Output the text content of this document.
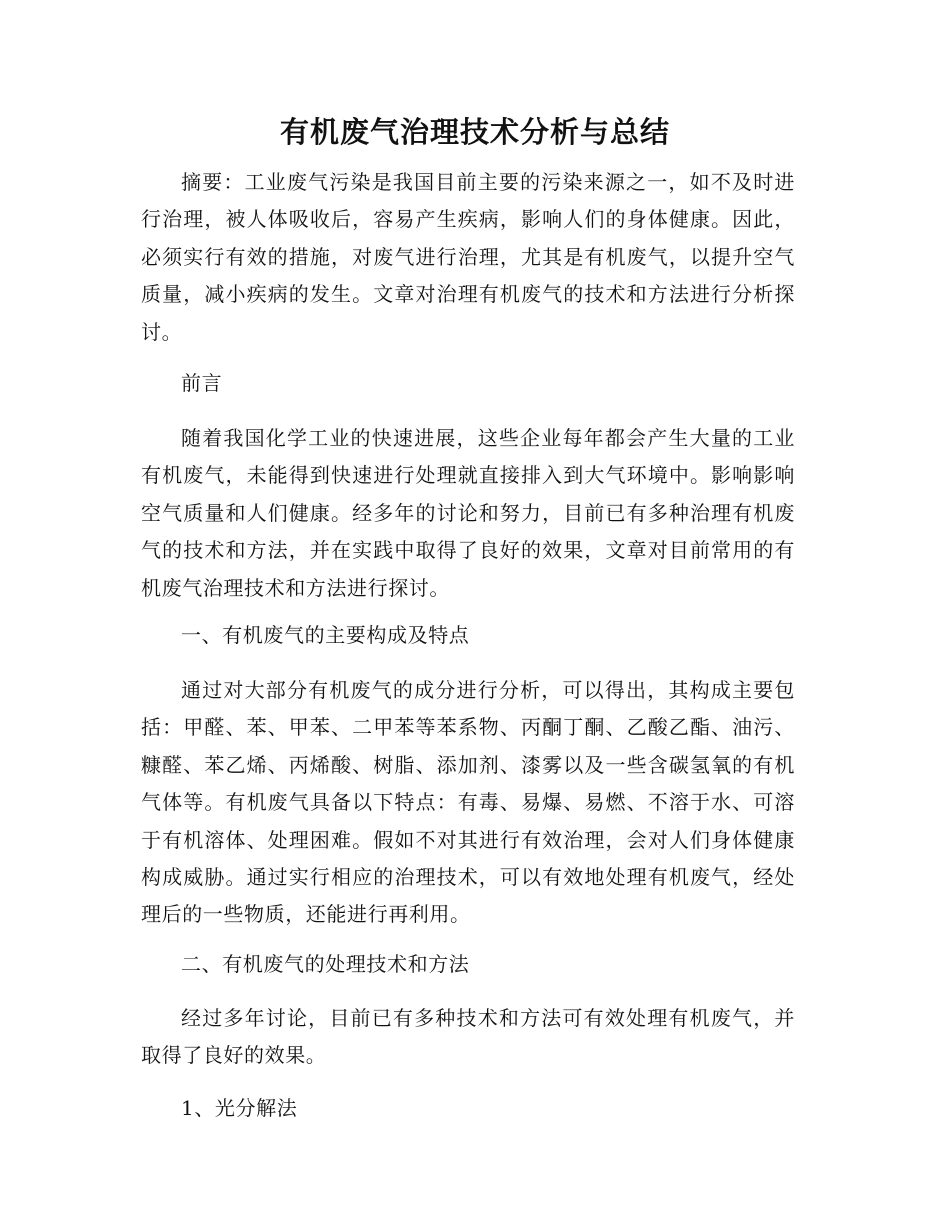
有机废气治理技术分析与总结

摘要：工业废气污染是我国目前主要的污染来源之一，如不及时进行治理，被人体吸收后，容易产生疾病，影响人们的身体健康。因此，必须实行有效的措施，对废气进行治理，尤其是有机废气，以提升空气质量，减小疾病的发生。文章对治理有机废气的技术和方法进行分析探讨。

前言

随着我国化学工业的快速进展，这些企业每年都会产生大量的工业有机废气，未能得到快速进行处理就直接排入到大气环境中。影响影响空气质量和人们健康。经多年的讨论和努力，目前已有多种治理有机废气的技术和方法，并在实践中取得了良好的效果，文章对目前常用的有机废气治理技术和方法进行探讨。

一、有机废气的主要构成及特点

通过对大部分有机废气的成分进行分析，可以得出，其构成主要包括：甲醛、苯、甲苯、二甲苯等苯系物、丙酮丁酮、乙酸乙酯、油污、糠醛、苯乙烯、丙烯酸、树脂、添加剂、漆雾以及一些含碳氢氧的有机气体等。有机废气具备以下特点：有毒、易爆、易燃、不溶于水、可溶于有机溶体、处理困难。假如不对其进行有效治理，会对人们身体健康构成威胁。通过实行相应的治理技术，可以有效地处理有机废气，经处理后的一些物质，还能进行再利用。

二、有机废气的处理技术和方法

经过多年讨论，目前已有多种技术和方法可有效处理有机废气，并取得了良好的效果。

1、光分解法
